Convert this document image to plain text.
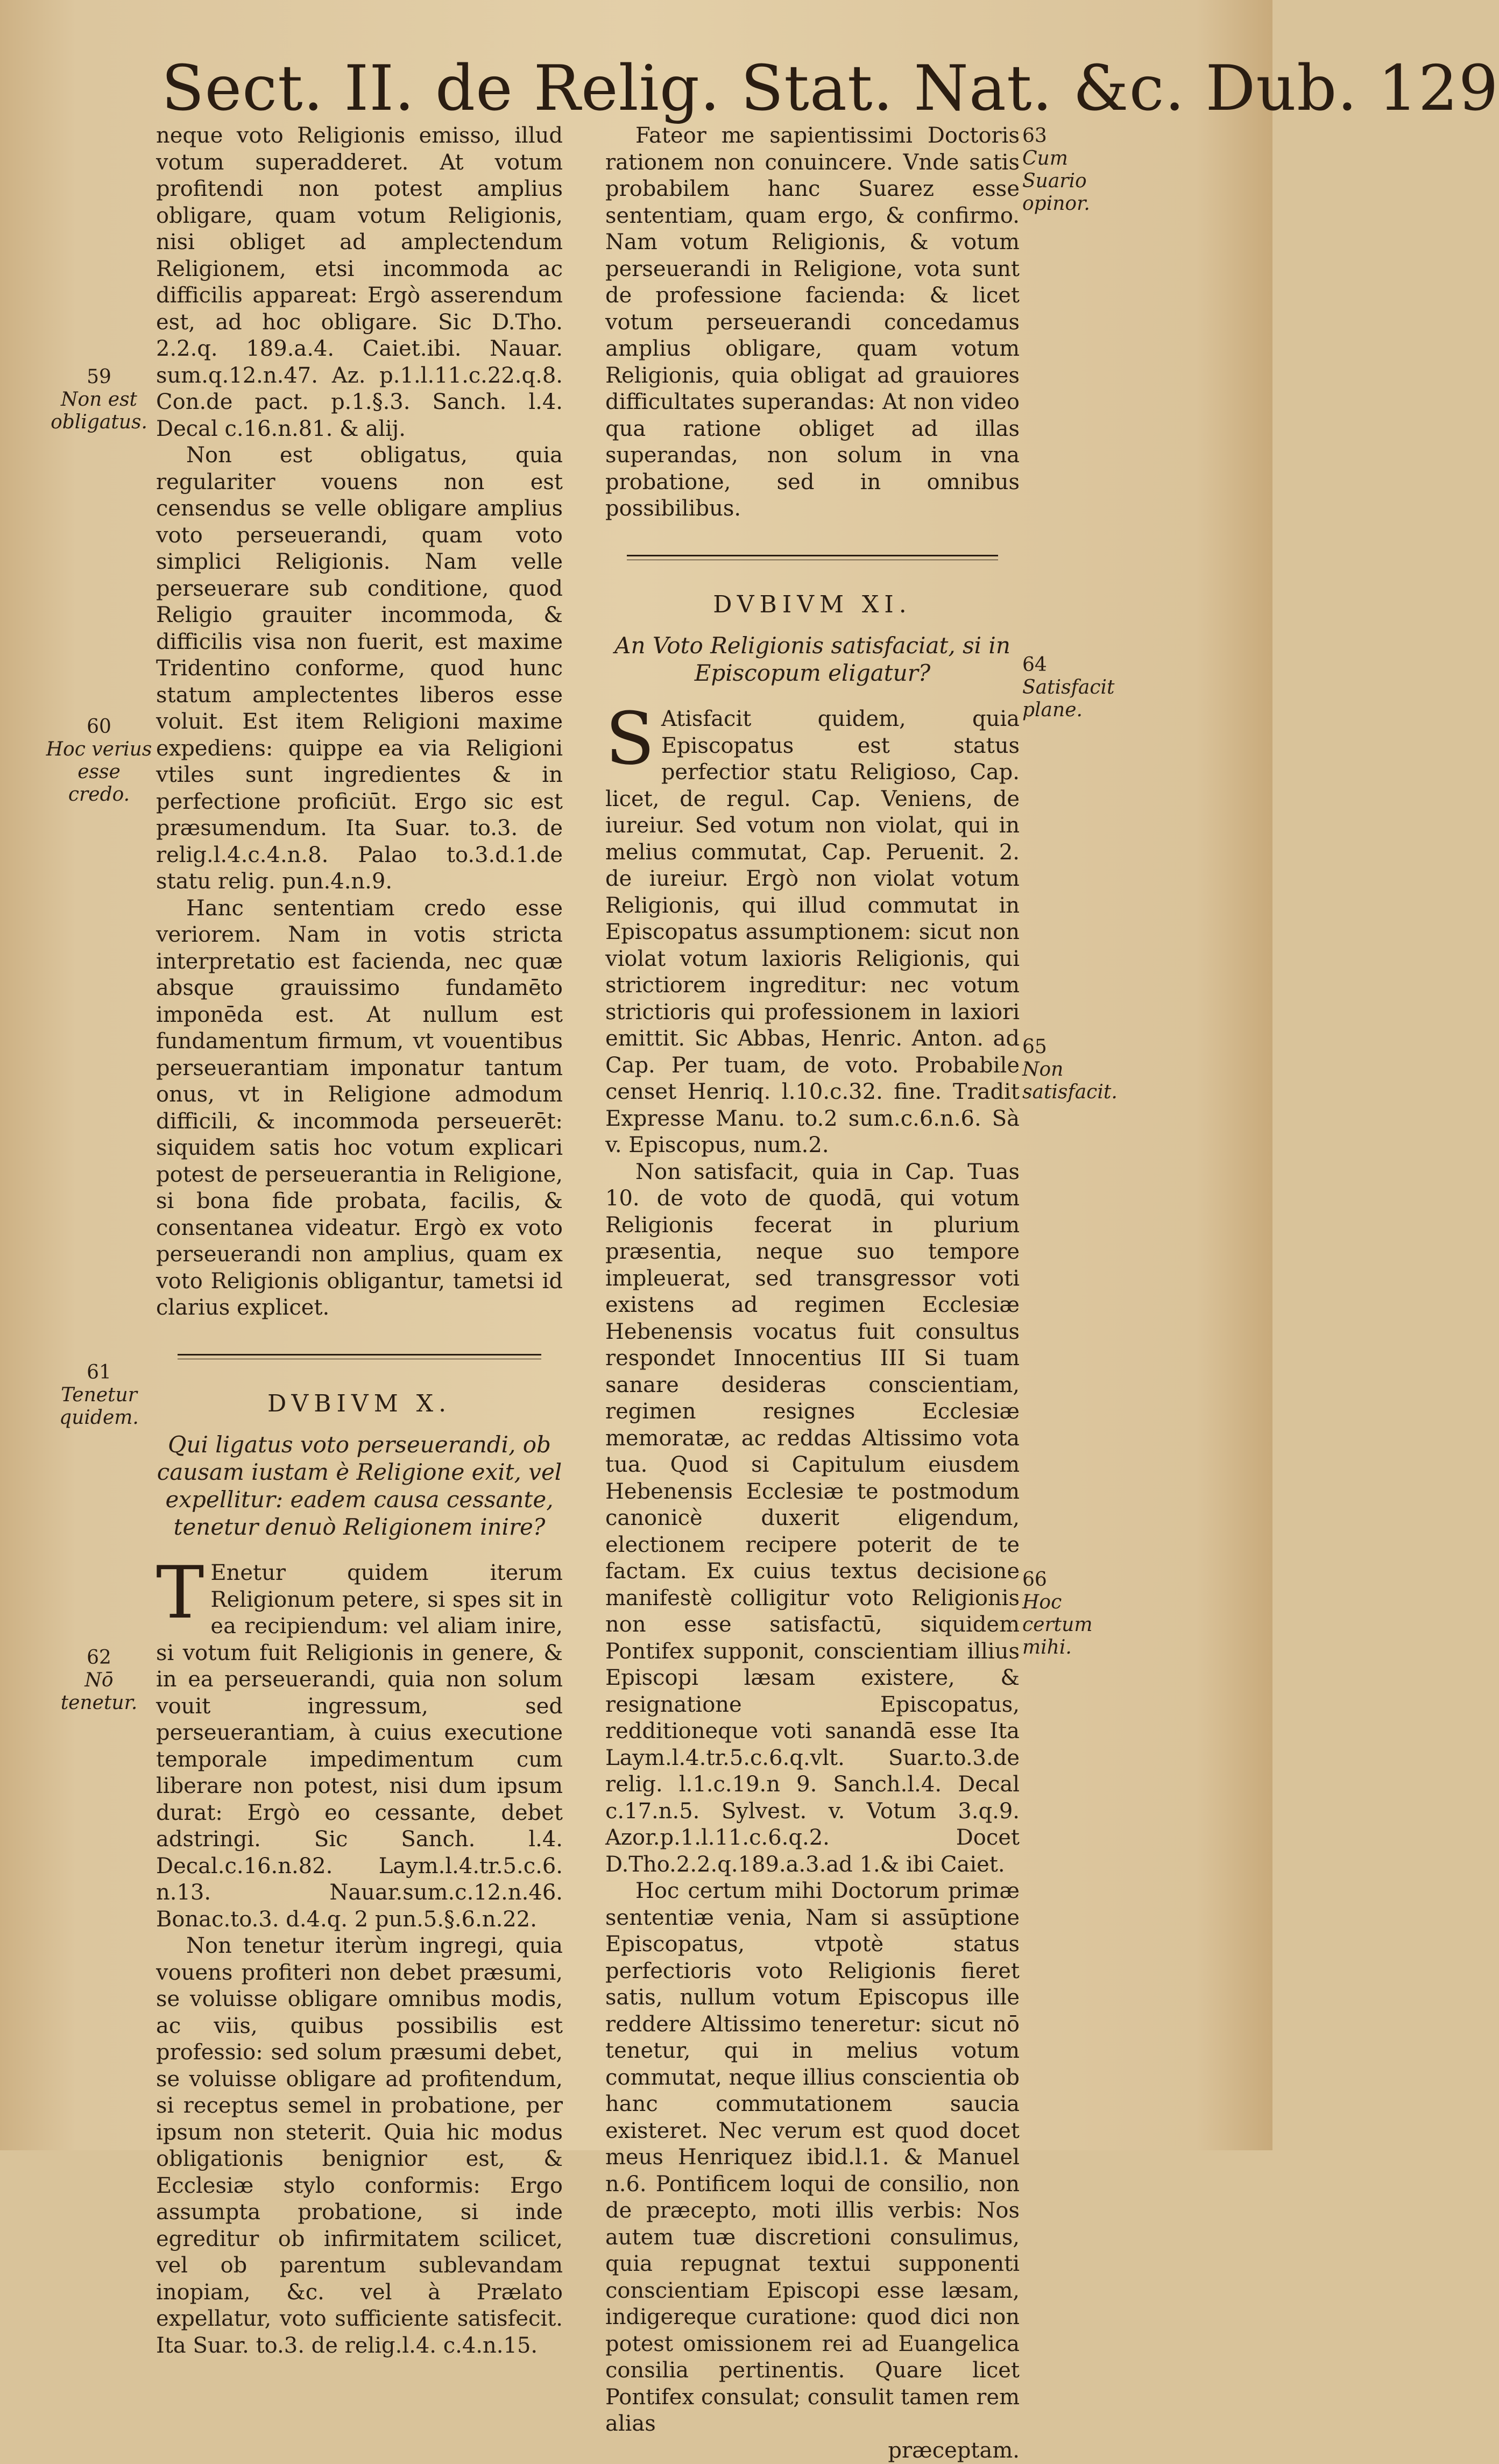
Sect. II. de Relig. Stat. Nat. &c. Dub. 129

neque voto Religionis emisso, illud votum superadderet. At votum profitendi non potest amplius obligare, quam votum Religionis, nisi obliget ad amplectendum Religionem, etsi incommoda ac difficilis appareat: Ergò asserendum est, ad hoc obligare. Sic D.Tho. 2.2.q. 189.a.4. Caiet.ibi. Nauar. sum.q.12.n.47. Az. p.1.l.11.c.22.q.8. Con.de pact. p.1.§.3. Sanch. l.4. Decal c.16.n.81. & alij.

Non est obligatus, quia regulariter vouens non est censendus se velle obligare amplius voto perseuerandi, quam voto simplici Religionis. Nam velle perseuerare sub conditione, quod Religio grauiter incommoda, & difficilis visa non fuerit, est maxime Tridentino conforme, quod hunc statum amplectentes liberos esse voluit. Est item Religioni maxime expediens: quippe ea via Religioni vtiles sunt ingredientes & in perfectione proficiūt. Ergo sic est præsumendum. Ita Suar. to.3. de relig.l.4.c.4.n.8. Palao to.3.d.1.de statu relig. pun.4.n.9.

Hanc sententiam credo esse veriorem. Nam in votis stricta interpretatio est facienda, nec quæ absque grauissimo fundamēto imponēda est. At nullum est fundamentum firmum, vt vouentibus perseuerantiam imponatur tantum onus, vt in Religione admodum difficili, & incommoda perseuerēt: siquidem satis hoc votum explicari potest de perseuerantia in Religione, si bona fide probata, facilis, & consentanea videatur. Ergò ex voto perseuerandi non amplius, quam ex voto Religionis obligantur, tametsi id clarius explicet.

DVBIVM X.
Qui ligatus voto perseuerandi, ob causam iustam è Religione exit, vel expellitur: eadem causa cessante, tenetur denuò Religionem inire?

T Enetur quidem iterum Religionum petere, si spes sit in ea recipiendum: vel aliam inire, si votum fuit Religionis in genere, & in ea perseuerandi, quia non solum vouit ingressum, sed perseuerantiam, à cuius executione temporale impedimentum cum liberare non potest, nisi dum ipsum durat: Ergò eo cessante, debet adstringi. Sic Sanch. l.4. Decal.c.16.n.82. Laym.l.4.tr.5.c.6. n.13. Nauar.sum.c.12.n.46. Bonac.to.3. d.4.q. 2 pun.5.§.6.n.22.

Non tenetur iterùm ingregi, quia vouens profiteri non debet præsumi, se voluisse obligare omnibus modis, ac viis, quibus possibilis est professio: sed solum præsumi debet, se voluisse obligare ad profitendum, si receptus semel in probatione, per ipsum non steterit. Quia hic modus obligationis benignior est, & Ecclesiæ stylo conformis: Ergo assumpta probatione, si inde egreditur ob infirmitatem scilicet, vel ob parentum sublevandam inopiam, &c. vel à Prælato expellatur, voto sufficiente satisfecit. Ita Suar. to.3. de relig.l.4. c.4.n.15.

Fateor me sapientissimi Doctoris rationem non conuincere. Vnde satis probabilem hanc Suarez esse sententiam, quam ergo, & confirmo. Nam votum Religionis, & votum perseuerandi in Religione, vota sunt de professione facienda: & licet votum perseuerandi concedamus amplius obligare, quam votum Religionis, quia obligat ad grauiores difficultates superandas: At non video qua ratione obliget ad illas superandas, non solum in vna probatione, sed in omnibus possibilibus.

DVBIVM XI.
An Voto Religionis satisfaciat, si in Episcopum eligatur?

S Atisfacit quidem, quia Episcopatus est status perfectior statu Religioso, Cap. licet, de regul. Cap. Veniens, de iureiur. Sed votum non violat, qui in melius commutat, Cap. Peruenit. 2. de iureiur. Ergò non violat votum Religionis, qui illud commutat in Episcopatus assumptionem: sicut non violat votum laxioris Religionis, qui strictiorem ingreditur: nec votum strictioris qui professionem in laxiori emittit. Sic Abbas, Henric. Anton. ad Cap. Per tuam, de voto. Probabile censet Henriq. l.10.c.32. fine. Tradit Expresse Manu. to.2 sum.c.6.n.6. Sà v. Episcopus, num.2.

Non satisfacit, quia in Cap. Tuas 10. de voto de quodā, qui votum Religionis fecerat in plurium præsentia, neque suo tempore impleuerat, sed transgressor voti existens ad regimen Ecclesiæ Hebenensis vocatus fuit consultus respondet Innocentius III Si tuam sanare desideras conscientiam, regimen resignes Ecclesiæ memoratæ, ac reddas Altissimo vota tua. Quod si Capitulum eiusdem Hebenensis Ecclesiæ te postmodum canonicè duxerit eligendum, electionem recipere poterit de te factam. Ex cuius textus decisione manifestè colligitur voto Religionis non esse satisfactū, siquidem Pontifex supponit, conscientiam illius Episcopi læsam existere, & resignatione Episcopatus, redditioneque voti sanandā esse Ita Laym.l.4.tr.5.c.6.q.vlt. Suar.to.3.de relig. l.1.c.19.n 9. Sanch.l.4. Decal c.17.n.5. Sylvest. v. Votum 3.q.9. Azor.p.1.l.11.c.6.q.2. Docet D.Tho.2.2.q.189.a.3.ad 1.& ibi Caiet.

Hoc certum mihi Doctorum primæ sententiæ venia, Nam si assūptione Episcopatus, vtpotè status perfectioris voto Religionis fieret satis, nullum votum Episcopus ille reddere Altissimo teneretur: sicut nō tenetur, qui in melius votum commutat, neque illius conscientia ob hanc commutationem saucia existeret. Nec verum est quod docet meus Henriquez ibid.l.1. & Manuel n.6. Pontificem loqui de consilio, non de præcepto, moti illis verbis: Nos autem tuæ discretioni consulimus, quia repugnat textui supponenti conscientiam Episcopi esse læsam, indigereque curatione: quod dici non potest omissionem rei ad Euangelica consilia pertinentis. Quare licet Pontifex consulat; consulit tamen rem alias

præceptam.

59
Non est obligatus.
60
Hoc verius esse credo.
61
Tenetur quidem.
62
Nō tenetur.
63
Cum Suario opinor.
64
Satisfacit plane.
65
Non satisfacit.
66
Hoc certum mihi.
